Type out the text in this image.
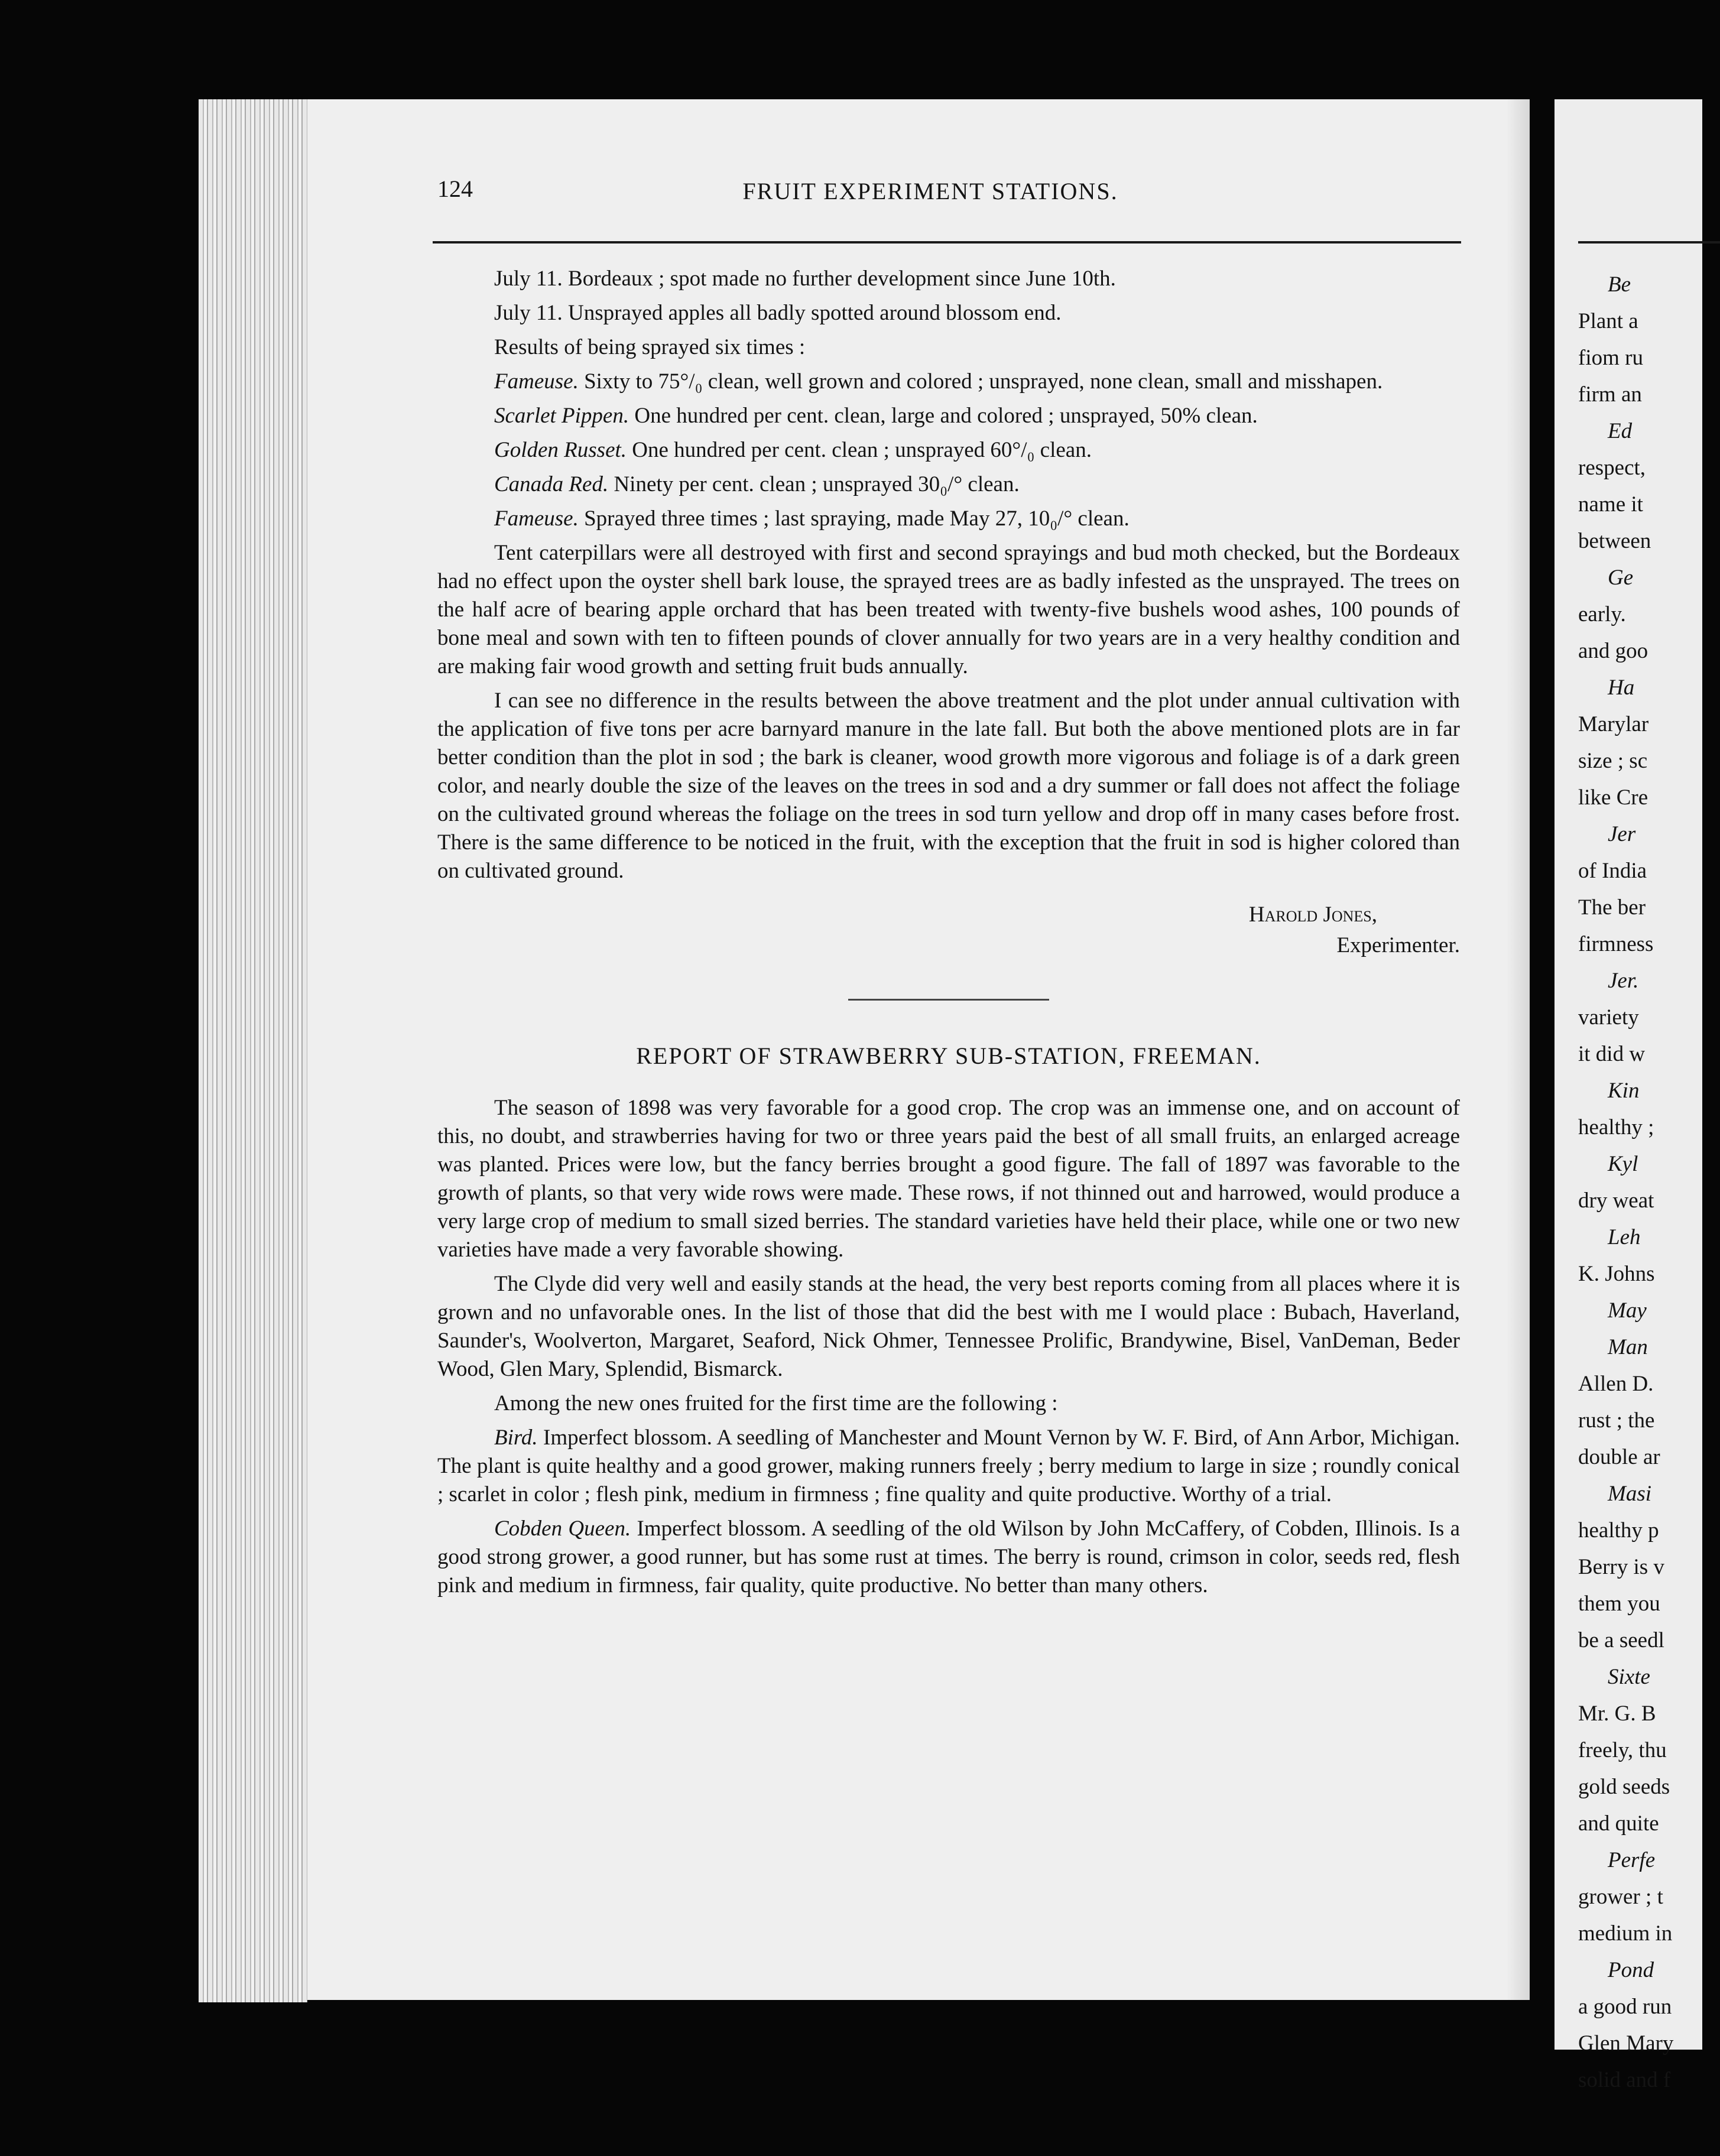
124	FRUIT EXPERIMENT STATIONS.

July 11. Bordeaux ; spot made no further development since June 10th.

July 11. Unsprayed apples all badly spotted around blossom end.

Results of being sprayed six times :

Fameuse. Sixty to 75°/₀ clean, well grown and colored ; unsprayed, none clean, small and misshapen.

Scarlet Pippen. One hundred per cent. clean, large and colored ; unsprayed, 50% clean.

Golden Russet. One hundred per cent. clean ; unsprayed 60°/₀ clean.

Canada Red. Ninety per cent. clean ; unsprayed 30₀/° clean.

Fameuse. Sprayed three times ; last spraying, made May 27, 10₀/° clean.

Tent caterpillars were all destroyed with first and second sprayings and bud moth checked, but the Bordeaux had no effect upon the oyster shell bark louse, the sprayed trees are as badly infested as the unsprayed. The trees on the half acre of bearing apple orchard that has been treated with twenty-five bushels wood ashes, 100 pounds of bone meal and sown with ten to fifteen pounds of clover annually for two years are in a very healthy condition and are making fair wood growth and setting fruit buds annually.

I can see no difference in the results between the above treatment and the plot under annual cultivation with the application of five tons per acre barnyard manure in the late fall. But both the above mentioned plots are in far better condition than the plot in sod ; the bark is cleaner, wood growth more vigorous and foliage is of a dark green color, and nearly double the size of the leaves on the trees in sod and a dry summer or fall does not affect the foliage on the cultivated ground whereas the foliage on the trees in sod turn yellow and drop off in many cases before frost. There is the same difference to be noticed in the fruit, with the exception that the fruit in sod is higher colored than on cultivated ground.

Harold Jones,
Experimenter.
REPORT OF STRAWBERRY SUB-STATION, FREEMAN.

The season of 1898 was very favorable for a good crop. The crop was an immense one, and on account of this, no doubt, and strawberries having for two or three years paid the best of all small fruits, an enlarged acreage was planted. Prices were low, but the fancy berries brought a good figure. The fall of 1897 was favorable to the growth of plants, so that very wide rows were made. These rows, if not thinned out and harrowed, would produce a very large crop of medium to small sized berries. The standard varieties have held their place, while one or two new varieties have made a very favorable showing.

The Clyde did very well and easily stands at the head, the very best reports coming from all places where it is grown and no unfavorable ones. In the list of those that did the best with me I would place : Bubach, Haverland, Saunder's, Woolverton, Margaret, Seaford, Nick Ohmer, Tennessee Prolific, Brandywine, Bisel, VanDeman, Beder Wood, Glen Mary, Splendid, Bismarck.

Among the new ones fruited for the first time are the following :

Bird. Imperfect blossom. A seedling of Manchester and Mount Vernon by W. F. Bird, of Ann Arbor, Michigan. The plant is quite healthy and a good grower, making runners freely ; berry medium to large in size ; roundly conical ; scarlet in color ; flesh pink, medium in firmness ; fine quality and quite productive. Worthy of a trial.

Cobden Queen. Imperfect blossom. A seedling of the old Wilson by John McCaffery, of Cobden, Illinois. Is a good strong grower, a good runner, but has some rust at times. The berry is round, crimson in color, seeds red, flesh pink and medium in firmness, fair quality, quite productive. No better than many others.

Be
Plant a
fiom ru
firm an
Ed
respect,
name it
between
Ge
early.
and goo
Ha
Marylar
size ; sc
like Cre
Jer
of India
The ber
firmness
Jer.
variety
it did w
Kin
healthy ;
Kyl
dry weat
Leh
K. Johns
May
Man
Allen D.
rust ; the
double ar
Masi
healthy p
Berry is v
them you
be a seedl
Sixte
Mr. G. B
freely, thu
gold seeds
and quite
Perfe
grower ; t
medium in
Pond
a good run
Glen Mary
solid and f
